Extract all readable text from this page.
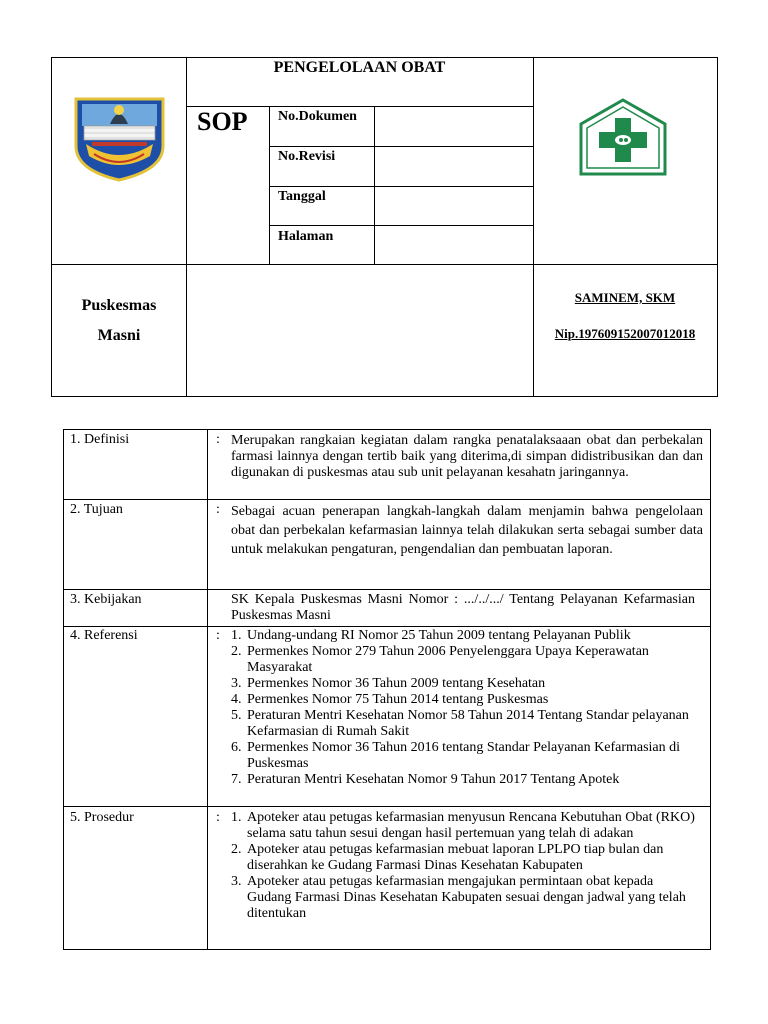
PENGELOLAAN OBAT
SOP	No.Dokumen
No.Revisi
Tanggal
Halaman
Puskesmas
Masni
SAMINEM, SKM
Nip.197609152007012018
1. Definisi	: Merupakan rangkaian kegiatan dalam rangka penatalaksaaan obat dan perbekalan farmasi lainnya dengan tertib baik yang diterima,di simpan didistribusikan dan dan digunakan di puskesmas atau sub unit pelayanan kesahatn jaringannya.
2. Tujuan	: Sebagai acuan penerapan langkah-langkah dalam menjamin bahwa pengelolaan obat dan perbekalan kefarmasian lainnya telah dilakukan serta sebagai sumber data untuk melakukan pengaturan, pengendalian dan pembuatan laporan.
3. Kebijakan	SK Kepala Puskesmas Masni Nomor : .../../.../ Tentang Pelayanan Kefarmasian Puskesmas Masni
4. Referensi	: 1. Undang-undang RI Nomor 25 Tahun 2009 tentang Pelayanan Publik
2. Permenkes Nomor 279 Tahun 2006 Penyelenggara Upaya Keperawatan Masyarakat
3. Permenkes Nomor 36 Tahun 2009 tentang Kesehatan
4. Permenkes Nomor 75 Tahun 2014 tentang Puskesmas
5. Peraturan Mentri Kesehatan Nomor 58 Tahun 2014 Tentang Standar pelayanan Kefarmasian di Rumah Sakit
6. Permenkes Nomor 36 Tahun 2016 tentang Standar Pelayanan Kefarmasian di Puskesmas
7. Peraturan Mentri Kesehatan Nomor 9 Tahun 2017 Tentang Apotek
5. Prosedur	: 1. Apoteker atau petugas kefarmasian menyusun Rencana Kebutuhan Obat (RKO) selama satu tahun sesui dengan hasil pertemuan yang telah di adakan
2. Apoteker atau petugas kefarmasian mebuat laporan LPLPO tiap bulan dan diserahkan ke Gudang Farmasi Dinas Kesehatan Kabupaten
3. Apoteker atau petugas kefarmasian mengajukan permintaan obat kepada Gudang Farmasi Dinas Kesehatan Kabupaten sesuai dengan jadwal yang telah ditentukan
